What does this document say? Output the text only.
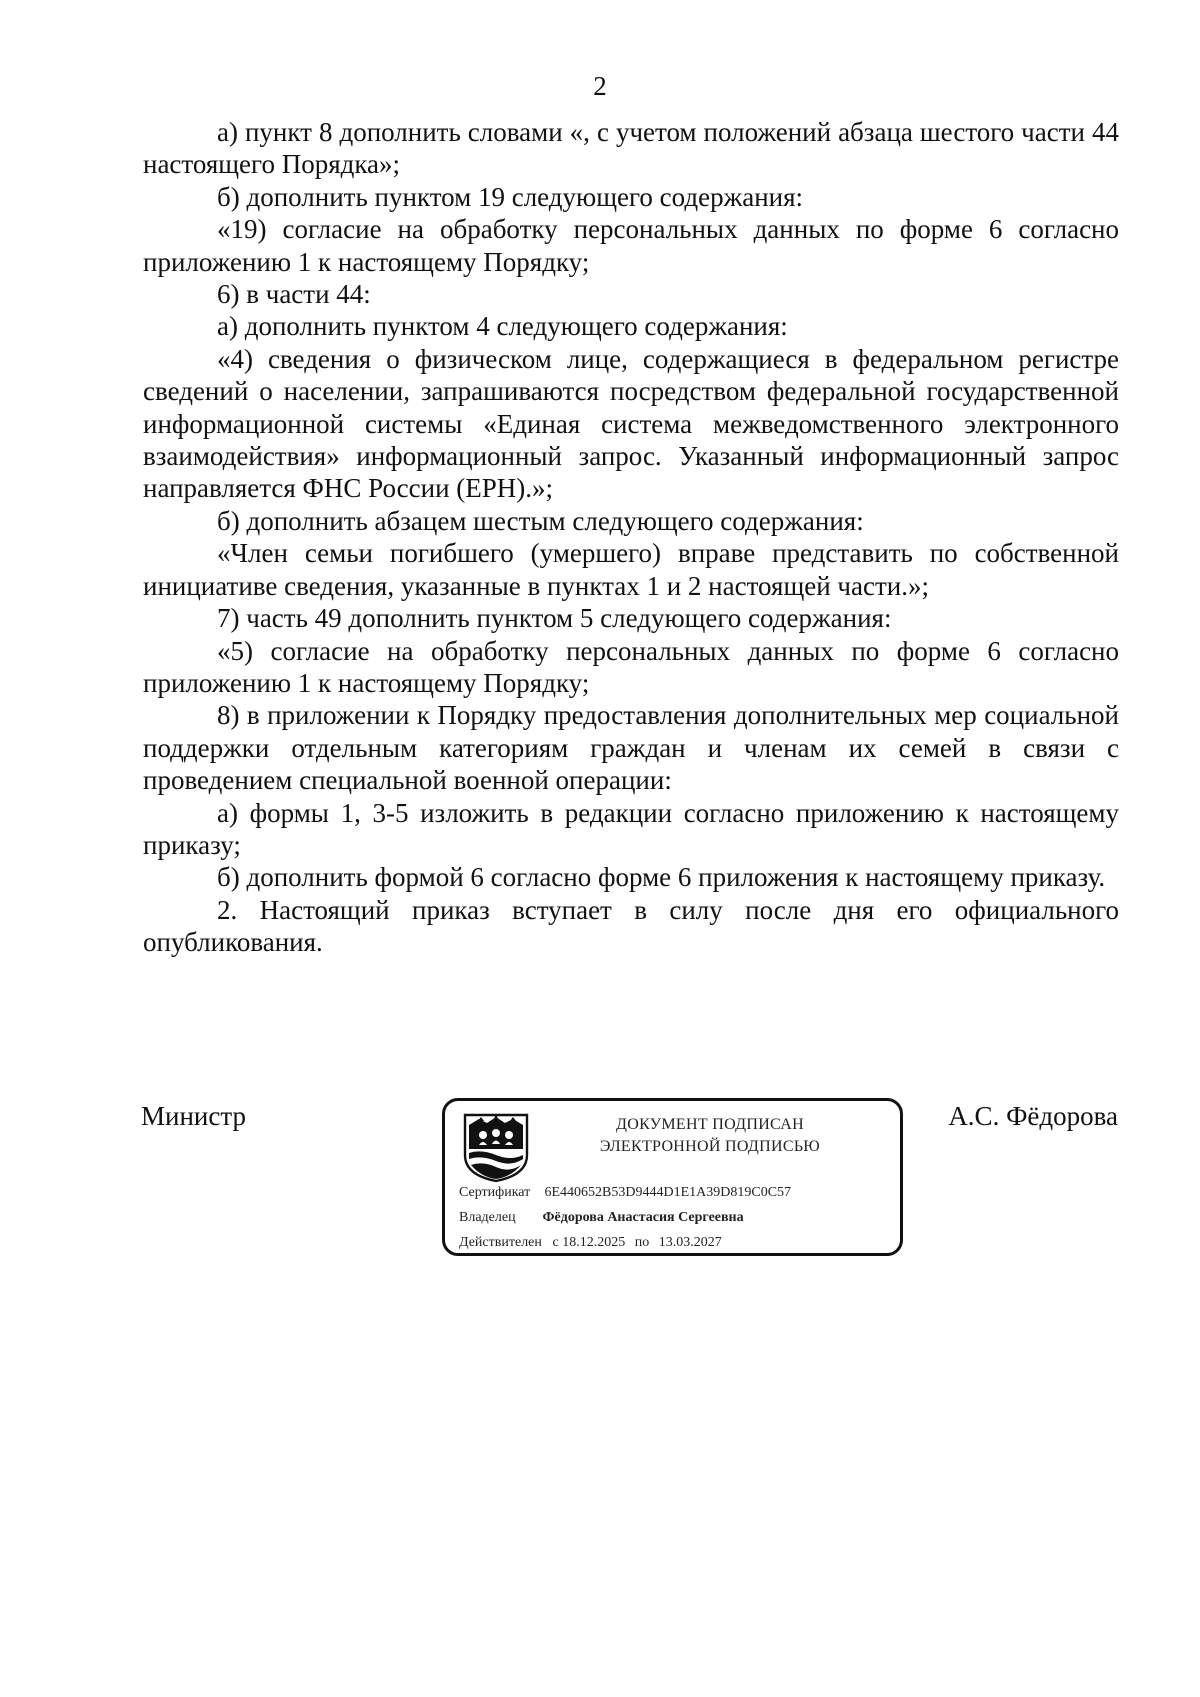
2

а) пункт 8 дополнить словами «, с учетом положений абзаца шестого части 44 настоящего Порядка»;

б) дополнить пунктом 19 следующего содержания:

«19) согласие на обработку персональных данных по форме 6 согласно приложению 1 к настоящему Порядку;

6) в части 44:

а) дополнить пунктом 4 следующего содержания:

«4) сведения о физическом лице, содержащиеся в федеральном регистре сведений о населении, запрашиваются посредством федеральной государственной информационной системы «Единая система межведомственного электронного взаимодействия» информационный запрос. Указанный информационный запрос направляется ФНС России (ЕРН).»;

б) дополнить абзацем шестым следующего содержания:

«Член семьи погибшего (умершего) вправе представить по собственной инициативе сведения, указанные в пунктах 1 и 2 настоящей части.»;

7) часть 49 дополнить пунктом 5 следующего содержания:

«5) согласие на обработку персональных данных по форме 6 согласно приложению 1 к настоящему Порядку;

8) в приложении к Порядку предоставления дополнительных мер социальной поддержки отдельным категориям граждан и членам их семей в связи с проведением специальной военной операции:

а) формы 1, 3-5 изложить в редакции согласно приложению к настоящему приказу;

б) дополнить формой 6 согласно форме 6 приложения к настоящему приказу.

2. Настоящий приказ вступает в силу после дня его официального опубликования.

Министр	ДОКУМЕНТ ПОДПИСАН
ЭЛЕКТРОННОЙ ПОДПИСЬЮ
Сертификат 6E440652B53D9444D1E1A39D819C0C57
Владелец Фёдорова Анастасия Сергеевна
Действителен с 18.12.2025 по 13.03.2027
А.С. Фёдорова
